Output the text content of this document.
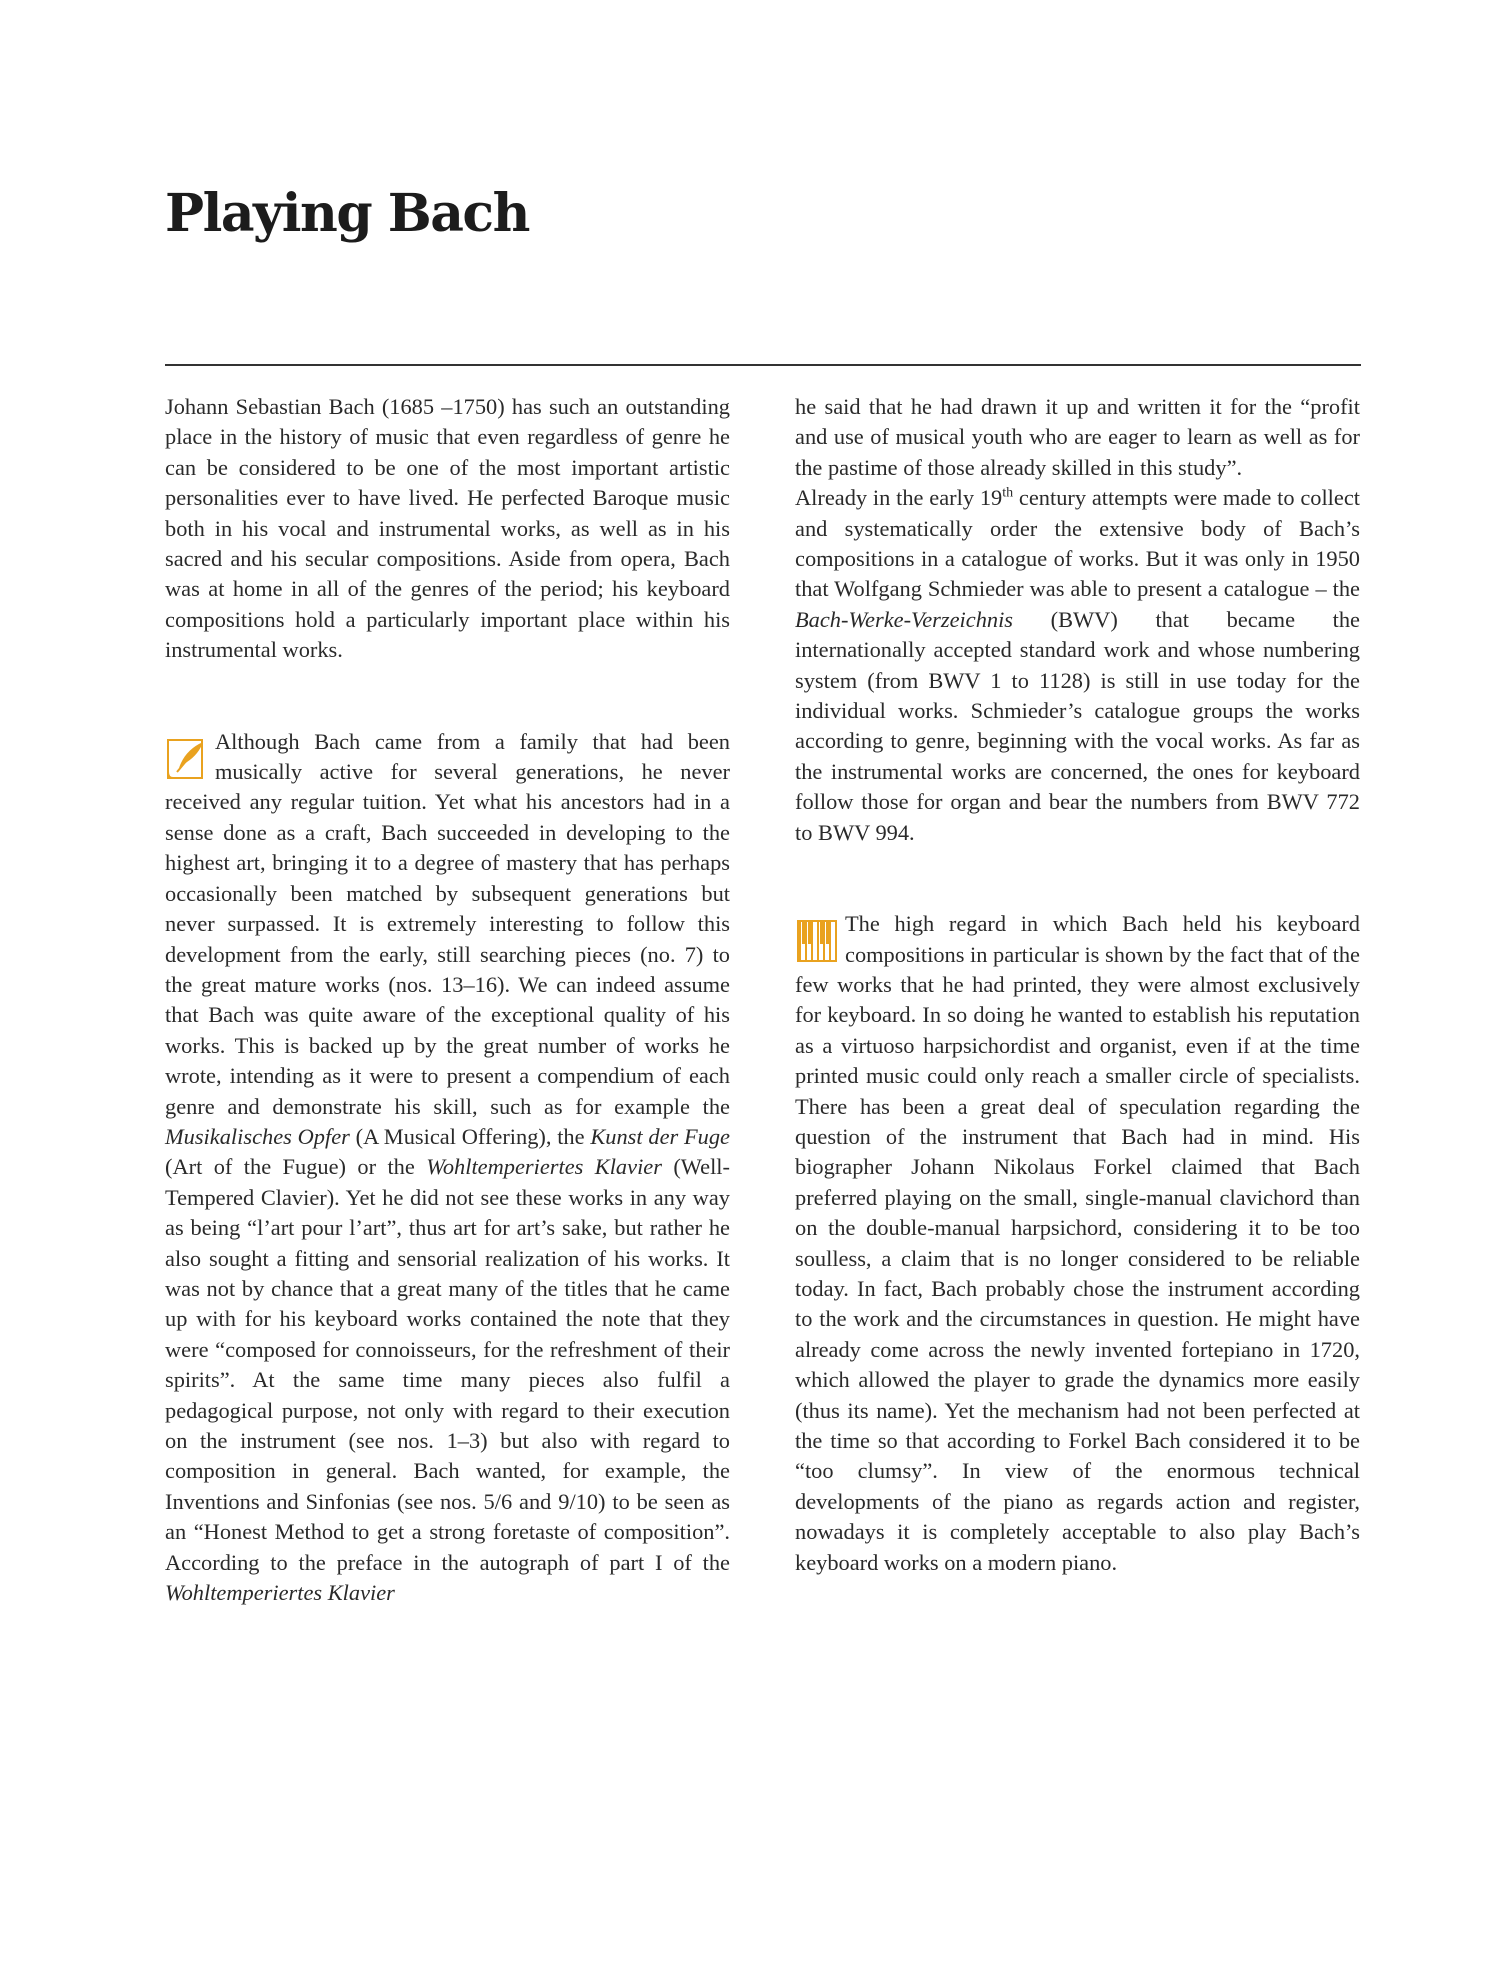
Playing Bach

Johann Sebastian Bach (1685 –1750) has such an outstanding place in the history of music that even regardless of genre he can be considered to be one of the most important artistic personalities ever to have lived. He perfected Baroque music both in his vocal and instrumental works, as well as in his sacred and his secular compositions. Aside from opera, Bach was at home in all of the genres of the period; his keyboard compositions hold a particularly important place within his instrumental works.

Although Bach came from a family that had been musically active for several generations, he never received any regular tuition. Yet what his ancestors had in a sense done as a craft, Bach succeeded in developing to the highest art, bringing it to a degree of mastery that has perhaps occasionally been matched by subsequent generations but never surpassed. It is extremely interesting to follow this development from the early, still searching pieces (no. 7) to the great mature works (nos. 13–16). We can indeed assume that Bach was quite aware of the exceptional quality of his works. This is backed up by the great number of works he wrote, intending as it were to present a compendium of each genre and demonstrate his skill, such as for example the Musikalisches Opfer (A Musical Offering), the Kunst der Fuge (Art of the Fugue) or the Wohltemperiertes Klavier (Well-Tempered Clavier). Yet he did not see these works in any way as being “l’art pour l’art”, thus art for art’s sake, but rather he also sought a fitting and sensorial realization of his works. It was not by chance that a great many of the titles that he came up with for his keyboard works contained the note that they were “composed for connoisseurs, for the refreshment of their spirits”. At the same time many pieces also fulfil a pedagogical purpose, not only with regard to their execution on the instrument (see nos. 1–3) but also with regard to composition in general. Bach wanted, for example, the Inventions and Sinfonias (see nos. 5/6 and 9/10) to be seen as an “Honest Method to get a strong foretaste of composition”. According to the preface in the autograph of part I of the Wohltemperiertes Klavier

he said that he had drawn it up and written it for the “profit and use of musical youth who are eager to learn as well as for the pastime of those already skilled in this study”.

Already in the early 19th century attempts were made to collect and systematically order the extensive body of Bach’s compositions in a catalogue of works. But it was only in 1950 that Wolfgang Schmieder was able to present a catalogue – the Bach-Werke-Verzeichnis (BWV) that became the internationally accepted standard work and whose numbering system (from BWV 1 to 1128) is still in use today for the individual works. Schmieder’s catalogue groups the works according to genre, beginning with the vocal works. As far as the instrumental works are concerned, the ones for keyboard follow those for organ and bear the numbers from BWV 772 to BWV 994.

The high regard in which Bach held his keyboard compositions in particular is shown by the fact that of the few works that he had printed, they were almost exclusively for keyboard. In so doing he wanted to establish his reputation as a virtuoso harpsichordist and organist, even if at the time printed music could only reach a smaller circle of specialists. There has been a great deal of speculation regarding the question of the instrument that Bach had in mind. His biographer Johann Nikolaus Forkel claimed that Bach preferred playing on the small, single-manual clavichord than on the double-manual harpsichord, considering it to be too soulless, a claim that is no longer considered to be reliable today. In fact, Bach probably chose the instrument according to the work and the circumstances in question. He might have already come across the newly invented fortepiano in 1720, which allowed the player to grade the dynamics more easily (thus its name). Yet the mechanism had not been perfected at the time so that according to Forkel Bach considered it to be “too clumsy”. In view of the enormous technical developments of the piano as regards action and register, nowadays it is completely acceptable to also play Bach’s keyboard works on a modern piano.
